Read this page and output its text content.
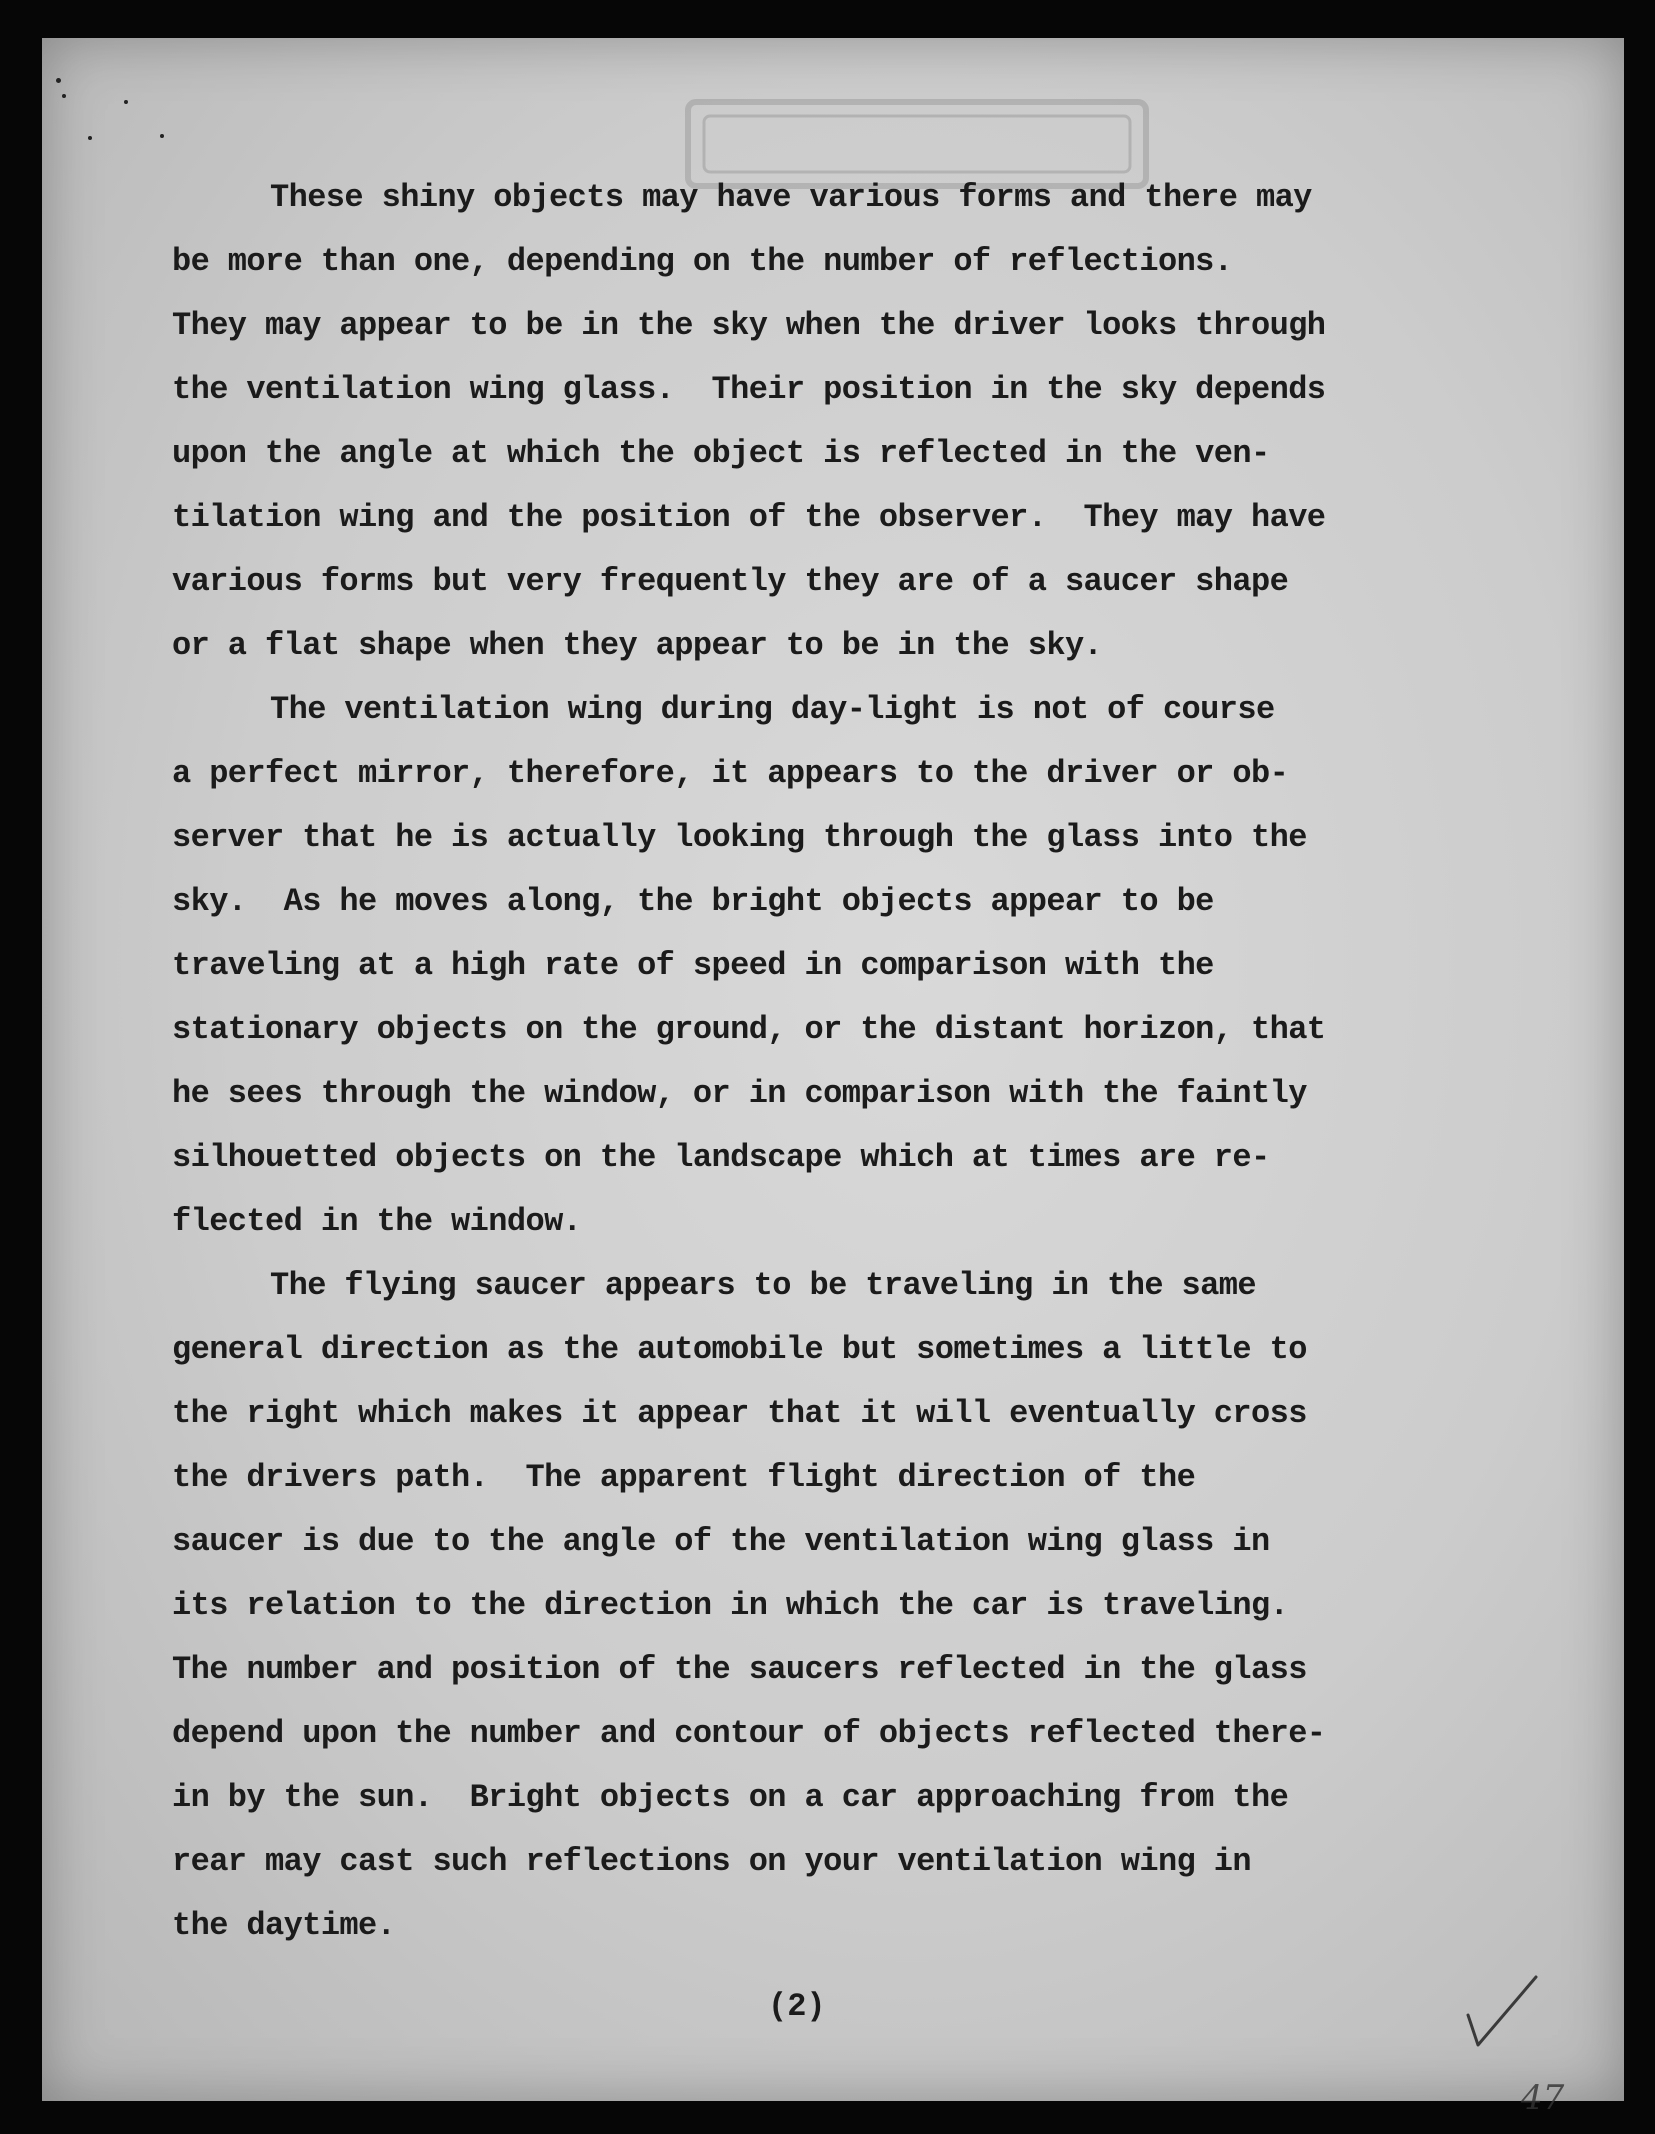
These shiny objects may have various forms and there may
be more than one, depending on the number of reflections.
They may appear to be in the sky when the driver looks through
the ventilation wing glass.  Their position in the sky depends
upon the angle at which the object is reflected in the ven-
tilation wing and the position of the observer.  They may have
various forms but very frequently they are of a saucer shape
or a flat shape when they appear to be in the sky.
The ventilation wing during day-light is not of course
a perfect mirror, therefore, it appears to the driver or ob-
server that he is actually looking through the glass into the
sky.  As he moves along, the bright objects appear to be
traveling at a high rate of speed in comparison with the
stationary objects on the ground, or the distant horizon, that
he sees through the window, or in comparison with the faintly
silhouetted objects on the landscape which at times are re-
flected in the window.
The flying saucer appears to be traveling in the same
general direction as the automobile but sometimes a little to
the right which makes it appear that it will eventually cross
the drivers path.  The apparent flight direction of the
saucer is due to the angle of the ventilation wing glass in
its relation to the direction in which the car is traveling.
The number and position of the saucers reflected in the glass
depend upon the number and contour of objects reflected there-
in by the sun.  Bright objects on a car approaching from the
rear may cast such reflections on your ventilation wing in
the daytime.
(2)
47
